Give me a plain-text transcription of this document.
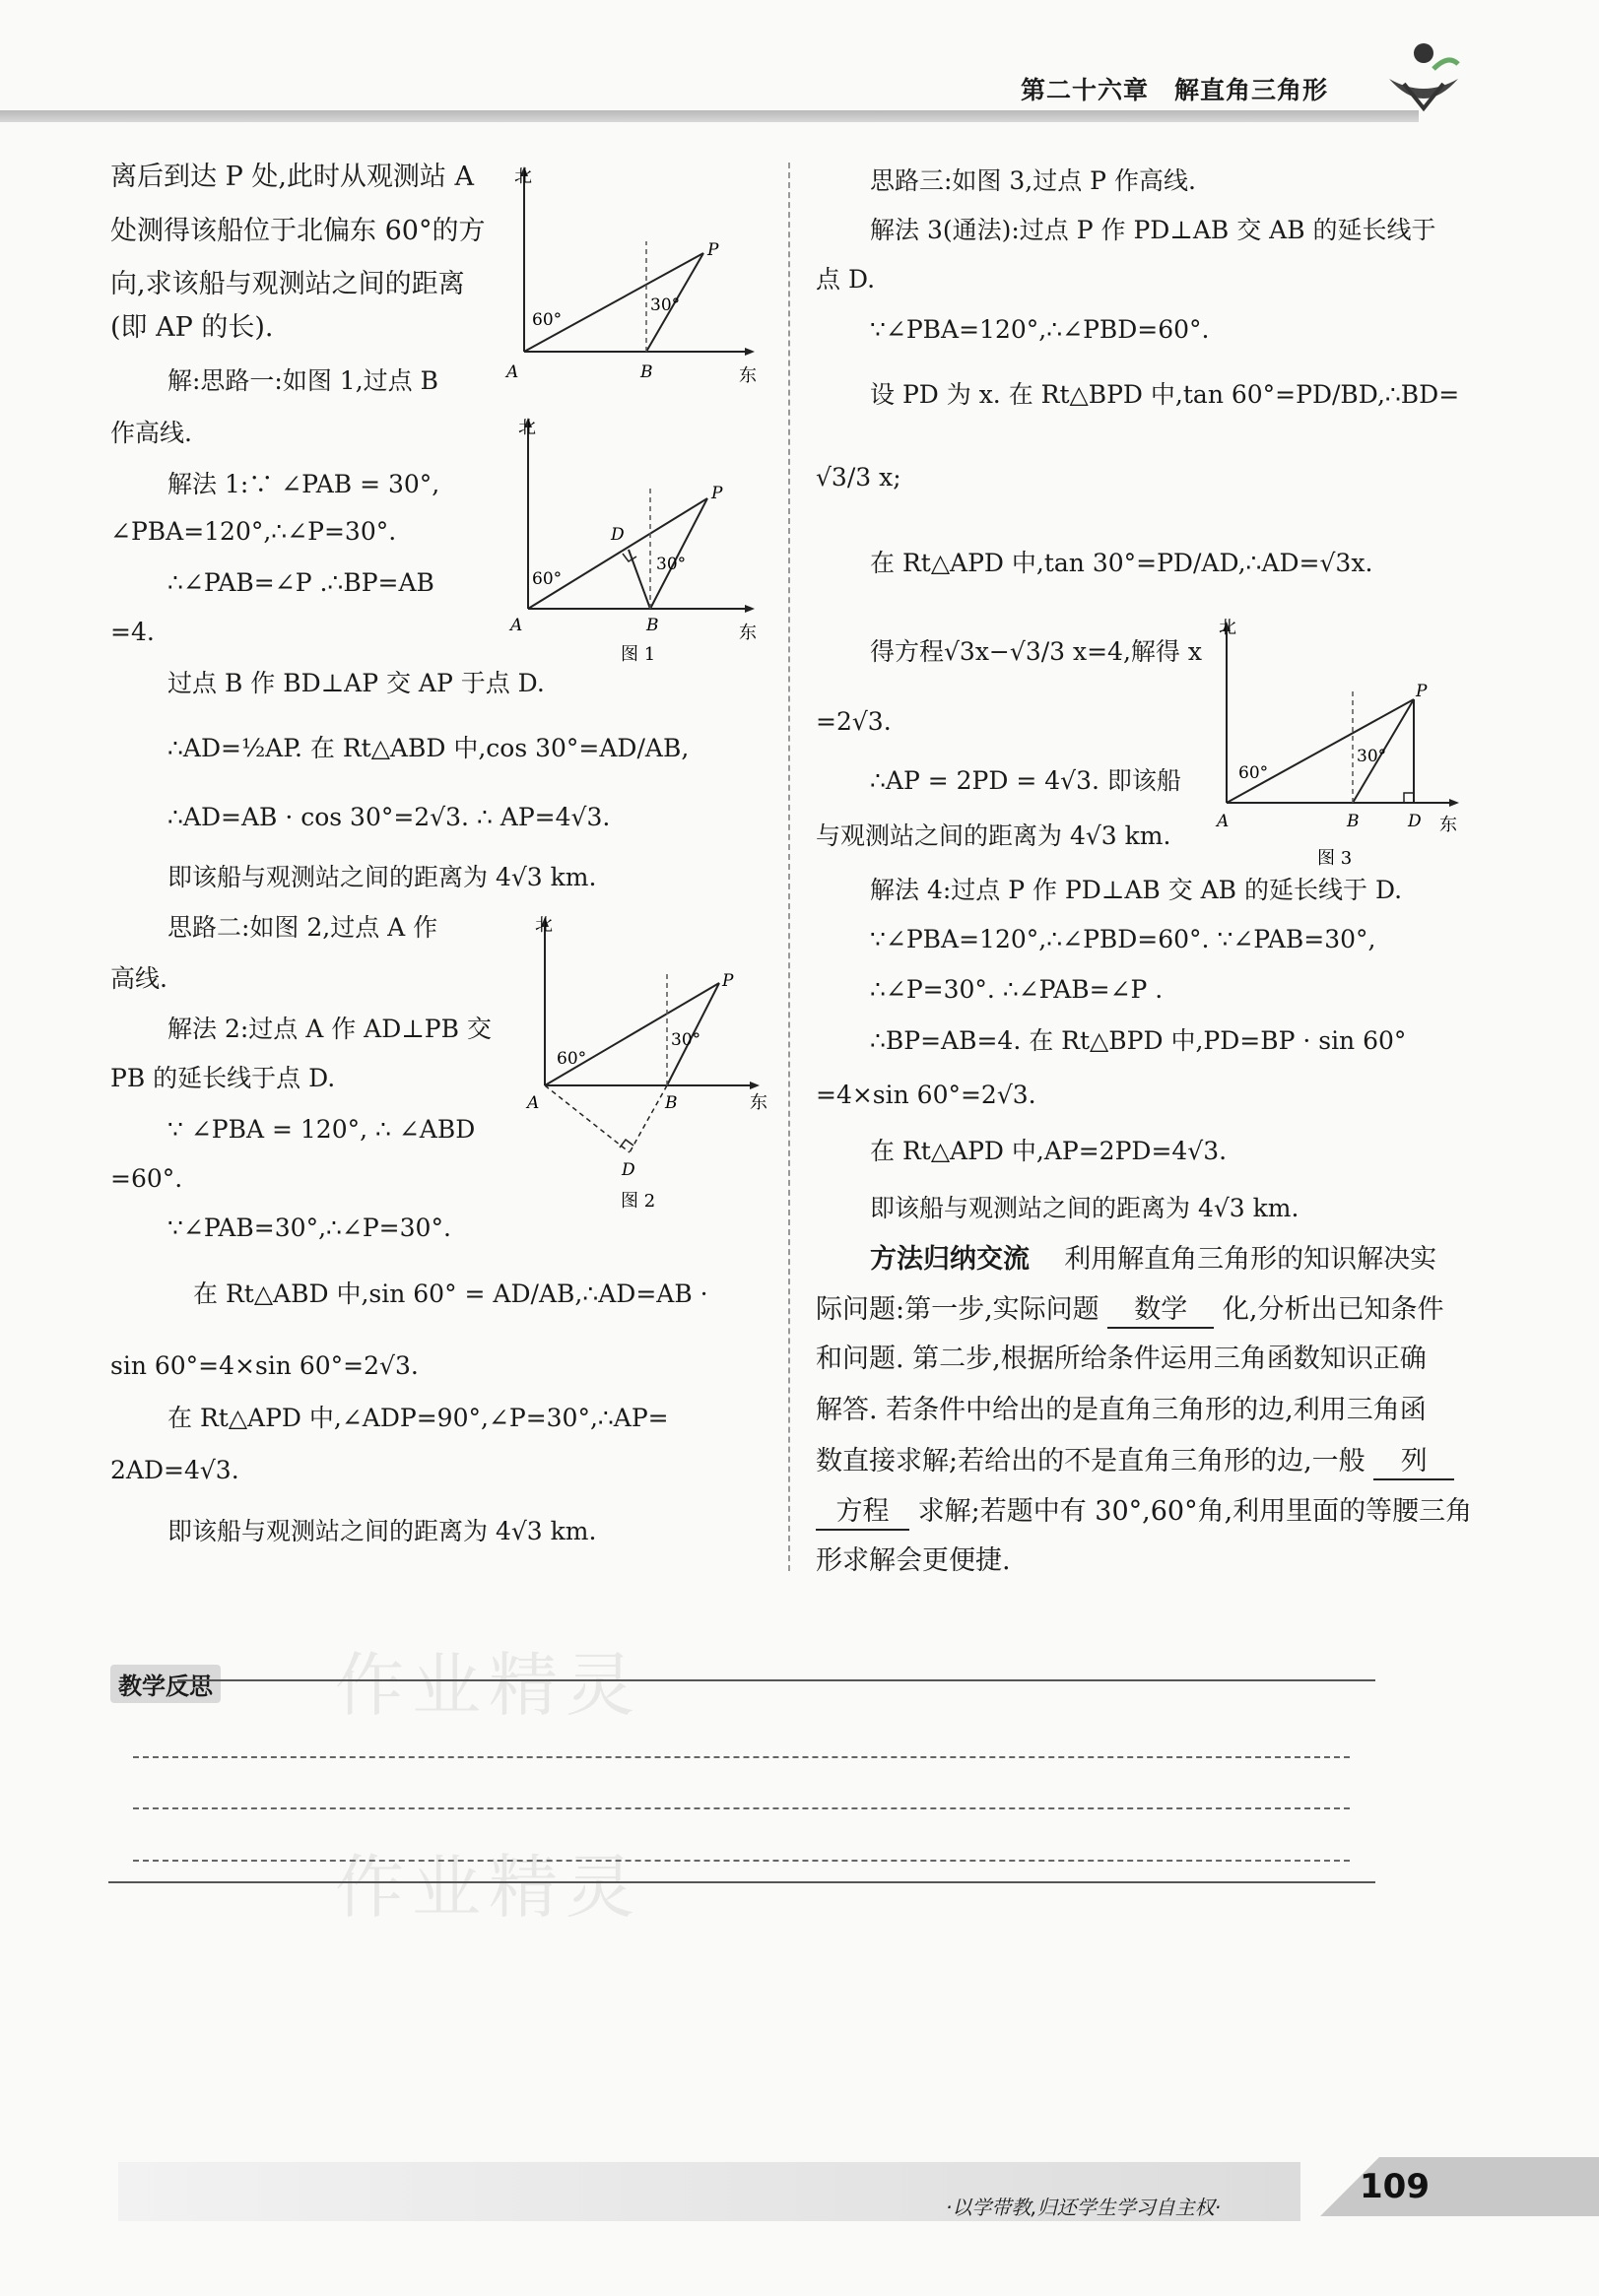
第二十六章　解直角三角形
离后到达 P 处,此时从观测站 A
处测得该船位于北偏东 60°的方
向,求该船与观测站之间的距离
(即 AP 的长).
解:思路一:如图 1,过点 B
作高线.
解法 1:∵ ∠PAB = 30°,
∠PBA=120°,∴∠P=30°.
∴∠PAB=∠P .∴BP=AB
=4.
过点 B 作 BD⊥AP 交 AP 于点 D.
∴AD=½AP. 在 Rt△ABD 中,cos 30°=AD/AB,
∴AD=AB · cos 30°=2√3. ∴ AP=4√3.
即该船与观测站之间的距离为 4√3 km.
思路二:如图 2,过点 A 作
高线.
解法 2:过点 A 作 AD⊥PB 交
PB 的延长线于点 D.
∵ ∠PBA = 120°, ∴ ∠ABD
=60°.
∵∠PAB=30°,∴∠P=30°.
在 Rt△ABD 中,sin 60° = AD/AB,∴AD=AB ·
sin 60°=4×sin 60°=2√3.
在 Rt△APD 中,∠ADP=90°,∠P=30°,∴AP=
2AD=4√3.
即该船与观测站之间的距离为 4√3 km.
北
东
60°
30°
A	B
P
北
东
60°
30°
A	B
P
D
图 1
北
东
60°
30°
A	B
P
D
图 2
思路三:如图 3,过点 P 作高线.
解法 3(通法):过点 P 作 PD⊥AB 交 AB 的延长线于
点 D.
∵∠PBA=120°,∴∠PBD=60°.
设 PD 为 x. 在 Rt△BPD 中,tan 60°=PD/BD,∴BD=
√3/3 x;
在 Rt△APD 中,tan 30°=PD/AD,∴AD=√3x.
得方程√3x−√3/3 x=4,解得 x
=2√3.
∴AP = 2PD = 4√3. 即该船
与观测站之间的距离为 4√3 km.
解法 4:过点 P 作 PD⊥AB 交 AB 的延长线于 D.
∵∠PBA=120°,∴∠PBD=60°. ∵∠PAB=30°,
∴∠P=30°. ∴∠PAB=∠P .
∴BP=AB=4. 在 Rt△BPD 中,PD=BP · sin 60°
=4×sin 60°=2√3.
在 Rt△APD 中,AP=2PD=4√3.
即该船与观测站之间的距离为 4√3 km.
方法归纳交流 利用解直角三角形的知识解决实
际问题:第一步,实际问题 数学 化,分析出已知条件
和问题. 第二步,根据所给条件运用三角函数知识正确
解答. 若条件中给出的是直角三角形的边,利用三角函
数直接求解;若给出的不是直角三角形的边,一般 列
方程 求解;若题中有 30°,60°角,利用里面的等腰三角
形求解会更便捷.
北
东
60°
30°
A	B
P
D
图 3
作业精灵
作业精灵
教学反思
·以学带教,归还学生学习自主权·
109
